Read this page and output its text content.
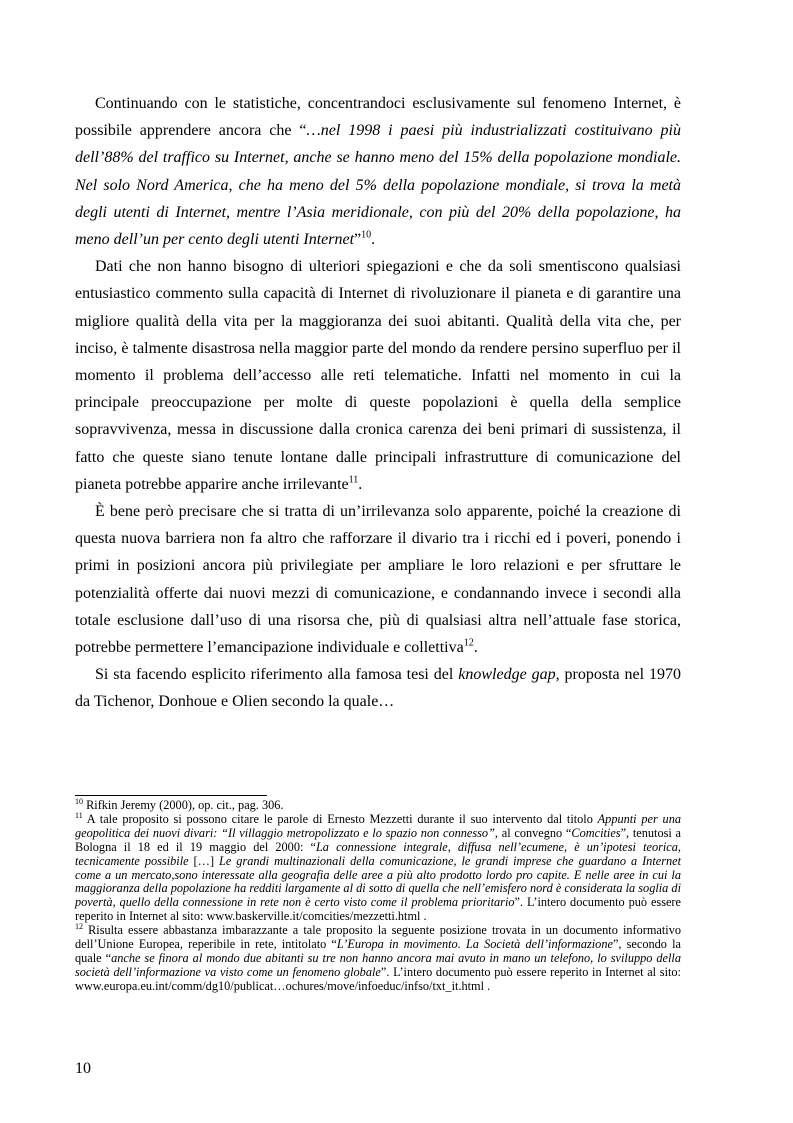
Continuando con le statistiche, concentrandoci esclusivamente sul fenomeno Internet, è possibile apprendere ancora che “…nel 1998 i paesi più industrializzati costituivano più dell’88% del traffico su Internet, anche se hanno meno del 15% della popolazione mondiale. Nel solo Nord America, che ha meno del 5% della popolazione mondiale, si trova la metà degli utenti di Internet, mentre l’Asia meridionale, con più del 20% della popolazione, ha meno dell’un per cento degli utenti Internet”$^{10}$.

Dati che non hanno bisogno di ulteriori spiegazioni e che da soli smentiscono qualsiasi entusiastico commento sulla capacità di Internet di rivoluzionare il pianeta e di garantire una migliore qualità della vita per la maggioranza dei suoi abitanti. Qualità della vita che, per inciso, è talmente disastrosa nella maggior parte del mondo da rendere persino superfluo per il momento il problema dell’accesso alle reti telematiche. Infatti nel momento in cui la principale preoccupazione per molte di queste popolazioni è quella della semplice sopravvivenza, messa in discussione dalla cronica carenza dei beni primari di sussistenza, il fatto che queste siano tenute lontane dalle principali infrastrutture di comunicazione del pianeta potrebbe apparire anche irrilevante$^{11}$.

È bene però precisare che si tratta di un’irrilevanza solo apparente, poiché la creazione di questa nuova barriera non fa altro che rafforzare il divario tra i ricchi ed i poveri, ponendo i primi in posizioni ancora più privilegiate per ampliare le loro relazioni e per sfruttare le potenzialità offerte dai nuovi mezzi di comunicazione, e condannando invece i secondi alla totale esclusione dall’uso di una risorsa che, più di qualsiasi altra nell’attuale fase storica, potrebbe permettere l’emancipazione individuale e collettiva$^{12}$.

Si sta facendo esplicito riferimento alla famosa tesi del knowledge gap, proposta nel 1970 da Tichenor, Donhoue e Olien secondo la quale…

$^{10}$ Rifkin Jeremy (2000), op. cit., pag. 306.

$^{11}$ A tale proposito si possono citare le parole di Ernesto Mezzetti durante il suo intervento dal titolo Appunti per una geopolitica dei nuovi divari: “Il villaggio metropolizzato e lo spazio non connesso”, al convegno “Comcities”, tenutosi a Bologna il 18 ed il 19 maggio del 2000: “La connessione integrale, diffusa nell’ecumene, è un’ipotesi teorica, tecnicamente possibile […] Le grandi multinazionali della comunicazione, le grandi imprese che guardano a Internet come a un mercato,sono interessate alla geografia delle aree a più alto prodotto lordo pro capite. E nelle aree in cui la maggioranza della popolazione ha redditi largamente al di sotto di quella che nell’emisfero nord è considerata la soglia di povertà, quello della connessione in rete non è certo visto come il problema prioritario”. L’intero documento può essere reperito in Internet al sito: www.baskerville.it/comcities/mezzetti.html .

$^{12}$ Risulta essere abbastanza imbarazzante a tale proposito la seguente posizione trovata in un documento informativo dell’Unione Europea, reperibile in rete, intitolato “L’Europa in movimento. La Società dell’informazione”, secondo la quale “anche se finora al mondo due abitanti su tre non hanno ancora mai avuto in mano un telefono, lo sviluppo della società dell’informazione va visto come un fenomeno globale”. L’intero documento può essere reperito in Internet al sito: www.europa.eu.int/comm/dg10/publicat…ochures/move/infoeduc/infso/txt_it.html .

10
